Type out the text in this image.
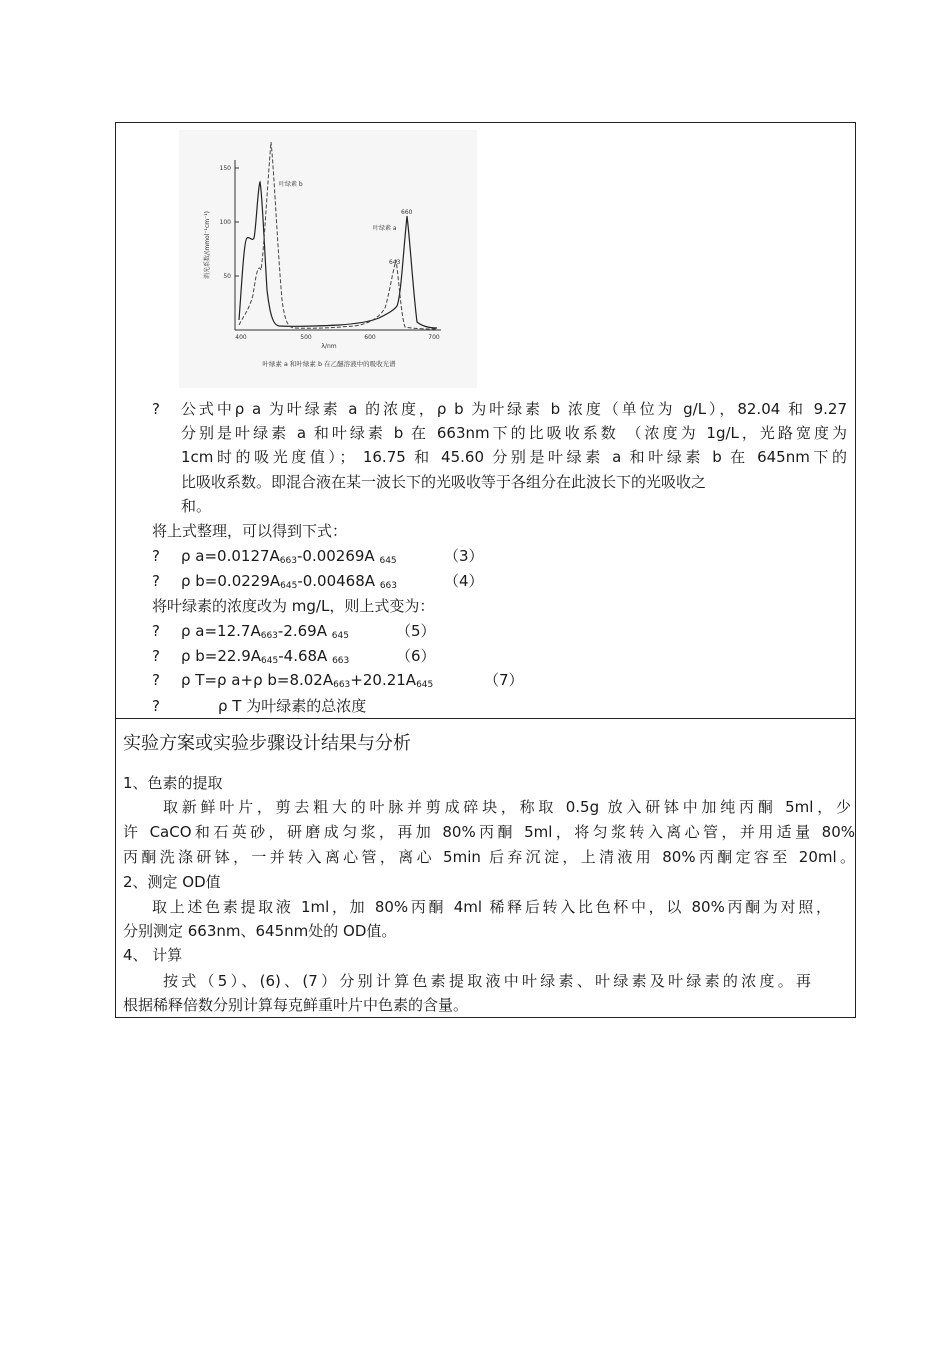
150
100
50
消光系数/(mmol⁻¹cm⁻¹)
400	500	600	700
λ/nm
叶绿素 b
叶绿素 a
660
643
叶绿素 a 和叶绿素 b 在乙醚溶液中的吸收光谱
? 公式中ρ a 为叶绿素 a 的浓度，ρ b 为叶绿素 b 浓度（单位为 g/L），82.04 和 9.27
分别是叶绿素 a 和叶绿素 b 在 663nm下的比吸收系数 （浓度为 1g/L，光路宽度为
1cm时的吸光度值）； 16.75 和 45.60 分别是叶绿素 a 和叶绿素 b 在 645nm下的
比吸收系数。即混合液在某一波长下的光吸收等于各组分在此波长下的光吸收之
和。
将上式整理，可以得到下式：
? ρ $a=0.0127A_{663}-0.00269A$ $_{645}$	（3）
? ρ $b=0.0229A_{645}-0.00468A$ $_{663}$	（4）
将叶绿素的浓度改为 mg/L，则上式变为：
? ρ $a=12.7A_{663}-2.69A$ $_{645}$	（5）
? ρ $b=22.9A_{645}-4.68A$ $_{663}$	（6）
? ρ T=ρ a+ρ $b=8.02A_{663}+20.21A_{645}$	（7）
?	ρ T 为叶绿素的总浓度
实验方案或实验步骤设计结果与分析
1、色素的提取
取新鲜叶片，剪去粗大的叶脉并剪成碎块，称取 0.5g 放入研钵中加纯丙酮 5ml，少
许 CaCO和石英砂，研磨成匀浆，再加 80%丙酮 5ml，将匀浆转入离心管，并用适量 80%
丙酮洗涤研钵，一并转入离心管，离心 5min 后弃沉淀，上清液用 80%丙酮定容至 20ml。
2、测定 OD值
取上述色素提取液 1ml，加 80%丙酮 4ml 稀释后转入比色杯中，以 80%丙酮为对照，
分别测定 663nm、645nm处的 OD值。
4、 计算
按式（5）、(6)、(7）分别计算色素提取液中叶绿素、叶绿素及叶绿素的浓度。再
根据稀释倍数分别计算每克鲜重叶片中色素的含量。
